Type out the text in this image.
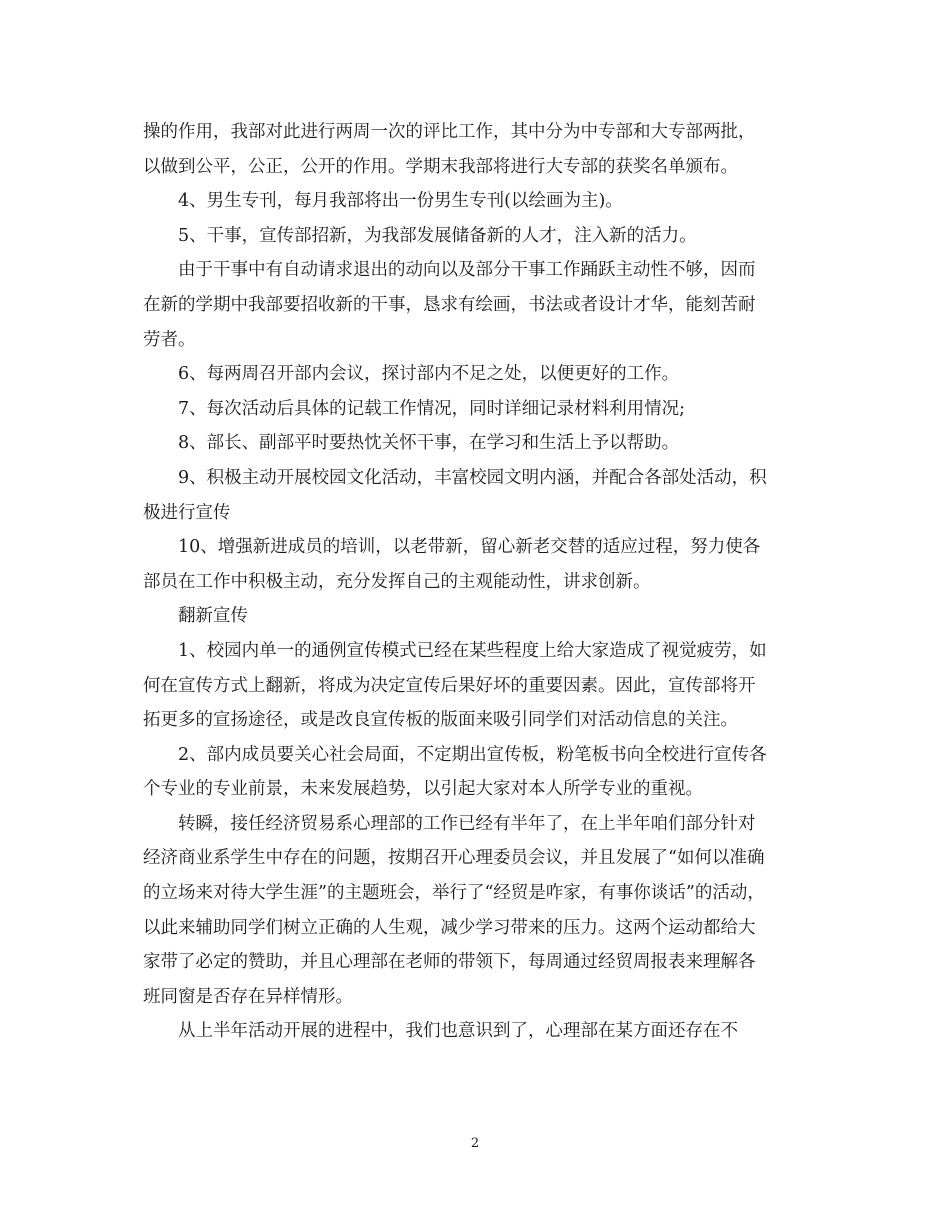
操的作用，我部对此进行两周一次的评比工作，其中分为中专部和大专部两批，
以做到公平，公正，公开的作用。学期末我部将进行大专部的获奖名单颁布。
4、男生专刊，每月我部将出一份男生专刊(以绘画为主)。
5、干事，宣传部招新，为我部发展储备新的人才，注入新的活力。
由于干事中有自动请求退出的动向以及部分干事工作踊跃主动性不够，因而
在新的学期中我部要招收新的干事，恳求有绘画，书法或者设计才华，能刻苦耐
劳者。
6、每两周召开部内会议，探讨部内不足之处，以便更好的工作。
7、每次活动后具体的记载工作情况，同时详细记录材料利用情况;
8、部长、副部平时要热忱关怀干事，在学习和生活上予以帮助。
9、积极主动开展校园文化活动，丰富校园文明内涵，并配合各部处活动，积
极进行宣传
10、增强新进成员的培训，以老带新，留心新老交替的适应过程，努力使各
部员在工作中积极主动，充分发挥自己的主观能动性，讲求创新。
翻新宣传
1、校园内单一的通例宣传模式已经在某些程度上给大家造成了视觉疲劳，如
何在宣传方式上翻新，将成为决定宣传后果好坏的重要因素。因此，宣传部将开
拓更多的宣扬途径，或是改良宣传板的版面来吸引同学们对活动信息的关注。
2、部内成员要关心社会局面，不定期出宣传板，粉笔板书向全校进行宣传各
个专业的专业前景，未来发展趋势，以引起大家对本人所学专业的重视。
转瞬，接任经济贸易系心理部的工作已经有半年了，在上半年咱们部分针对
经济商业系学生中存在的问题，按期召开心理委员会议，并且发展了“如何以准确
的立场来对待大学生涯”的主题班会，举行了“经贸是咋家，有事你谈话”的活动，
以此来辅助同学们树立正确的人生观，减少学习带来的压力。这两个运动都给大
家带了必定的赞助，并且心理部在老师的带领下，每周通过经贸周报表来理解各
班同窗是否存在异样情形。
从上半年活动开展的进程中，我们也意识到了，心理部在某方面还存在不
2
